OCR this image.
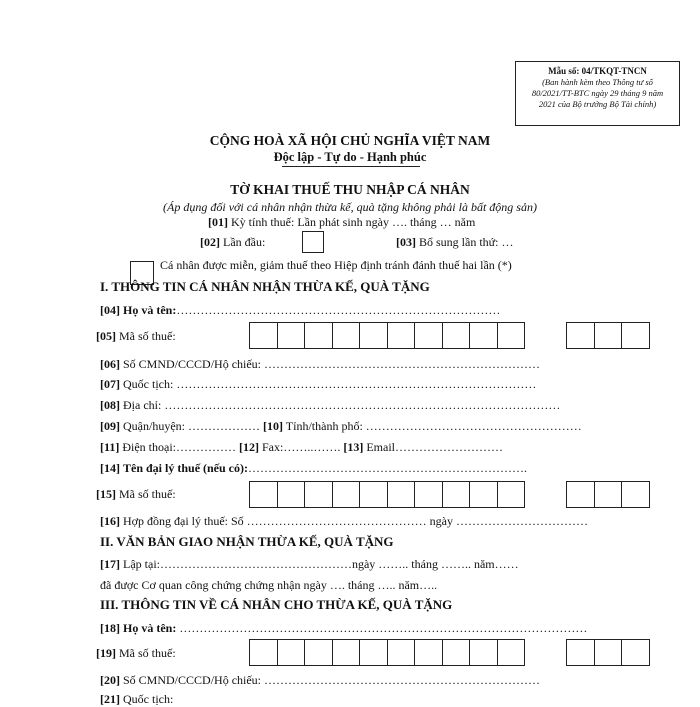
Mẫu số: 04/TKQT-TNCN
(Ban hành kèm theo Thông tư số
80/2021/TT-BTC ngày 29 tháng 9 năm
2021 của Bộ trưởng Bộ Tài chính)
CỘNG HOÀ XÃ HỘI CHỦ NGHĨA VIỆT NAM
Độc lập - Tự do - Hạnh phúc
TỜ KHAI THUẾ THU NHẬP CÁ NHÂN
(Áp dụng đối với cá nhân nhận thừa kế, quà tặng không phải là bất động sản)
[01] Kỳ tính thuế: Lần phát sinh ngày …. tháng … năm
[02] Lần đầu:	[03] Bổ sung lần thứ: …
Cá nhân được miễn, giảm thuế theo Hiệp định tránh đánh thuế hai lần (*)
I. THÔNG TIN CÁ NHÂN NHẬN THỪA KẾ, QUÀ TẶNG
[04] Họ và tên:………………………………………………………………………
[05] Mã số thuế:
[06] Số CMND/CCCD/Hộ chiếu: ……………………………………………………………
[07] Quốc tịch: ………………………………………………………………………………
[08] Địa chỉ: ………………………………………………………………………………………
[09] Quận/huyện: ……………… [10] Tỉnh/thành phố: ………………………………………………
[11] Điện thoại:…………… [12] Fax:……..……. [13] Email………………………
[14] Tên đại lý thuế (nếu có):…………………………………………………………….
[15] Mã số thuế:
[16] Hợp đồng đại lý thuế: Số ……………………………………… ngày ……………………………
II. VĂN BẢN GIAO NHẬN THỪA KẾ, QUÀ TẶNG
[17] Lập tại:…………………………………………ngày …….. tháng …….. năm……
đã được Cơ quan công chứng chứng nhận ngày …. tháng ….. năm…..
III. THÔNG TIN VỀ CÁ NHÂN CHO THỪA KẾ, QUÀ TẶNG
[18] Họ và tên: …………………………………………………………………………………………
[19] Mã số thuế:
[20] Số CMND/CCCD/Hộ chiếu: ……………………………………………………………
[21] Quốc tịch:
